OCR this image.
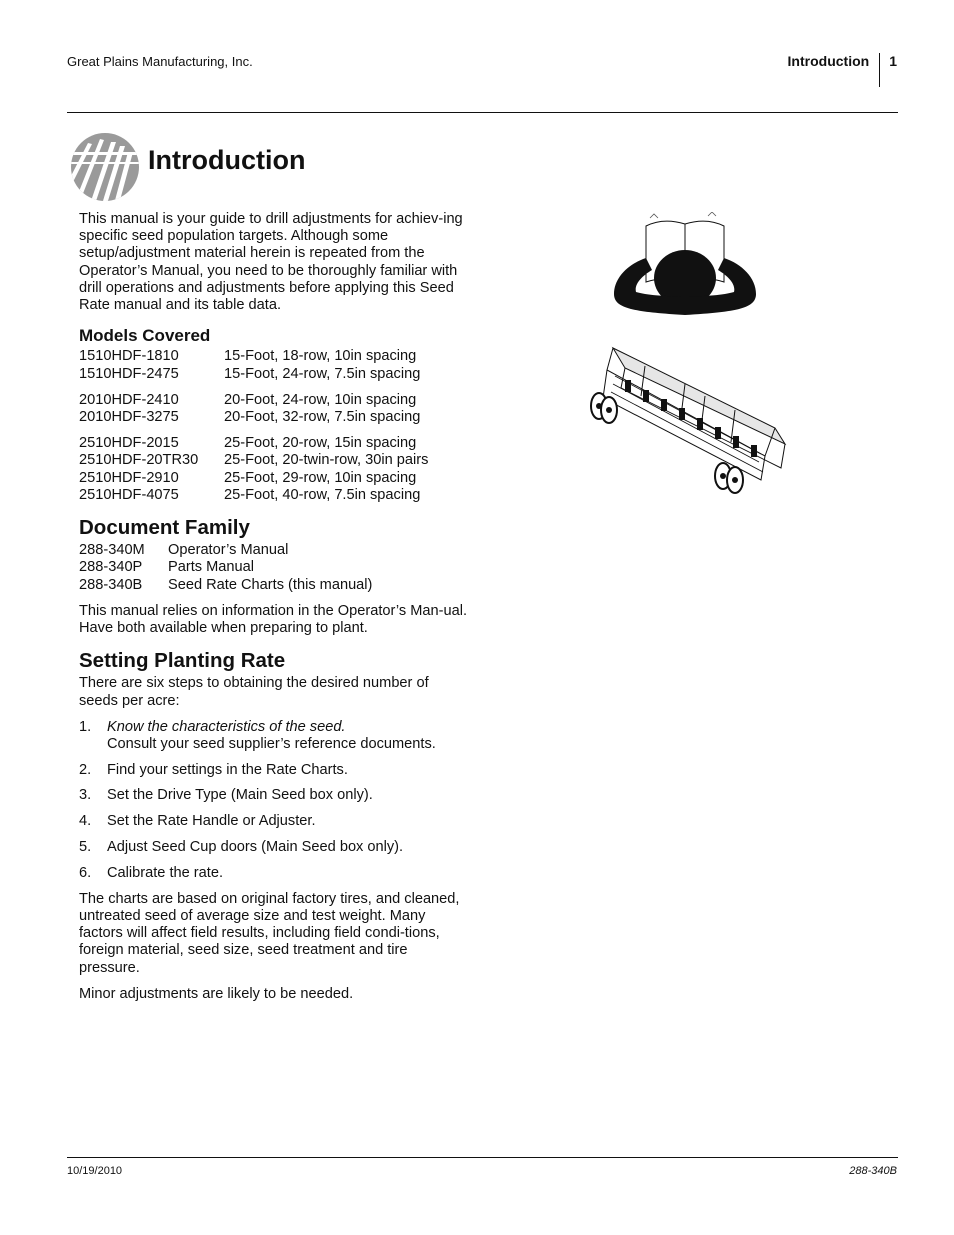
Great Plains Manufacturing, Inc.	Introduction 1
Introduction

This manual is your guide to drill adjustments for achiev-ing specific seed population targets. Although some setup/adjustment material herein is repeated from the Operator’s Manual, you need to be thoroughly familiar with drill operations and adjustments before applying this Seed Rate manual and its table data.

Models Covered
1510HDF-1810	15-Foot, 18-row, 10in spacing
1510HDF-2475	15-Foot, 24-row, 7.5in spacing
2010HDF-2410	20-Foot, 24-row, 10in spacing
2010HDF-3275	20-Foot, 32-row, 7.5in spacing
2510HDF-2015	25-Foot, 20-row, 15in spacing
2510HDF-20TR30	25-Foot, 20-twin-row, 30in pairs
2510HDF-2910	25-Foot, 29-row, 10in spacing
2510HDF-4075	25-Foot, 40-row, 7.5in spacing
Document Family
288-340M	Operator’s Manual
288-340P	Parts Manual
288-340B	Seed Rate Charts (this manual)

This manual relies on information in the Operator’s Man-ual. Have both available when preparing to plant.

Setting Planting Rate

There are six steps to obtaining the desired number of seeds per acre:

1.	Know the characteristics of the seed.
Consult your seed supplier’s reference documents.
2.	Find your settings in the Rate Charts.
3.	Set the Drive Type (Main Seed box only).
4.	Set the Rate Handle or Adjuster.
5.	Adjust Seed Cup doors (Main Seed box only).
6.	Calibrate the rate.

The charts are based on original factory tires, and cleaned, untreated seed of average size and test weight. Many factors will affect field results, including field condi-tions, foreign material, seed size, seed treatment and tire pressure.

Minor adjustments are likely to be needed.

10/19/2010	288-340B
